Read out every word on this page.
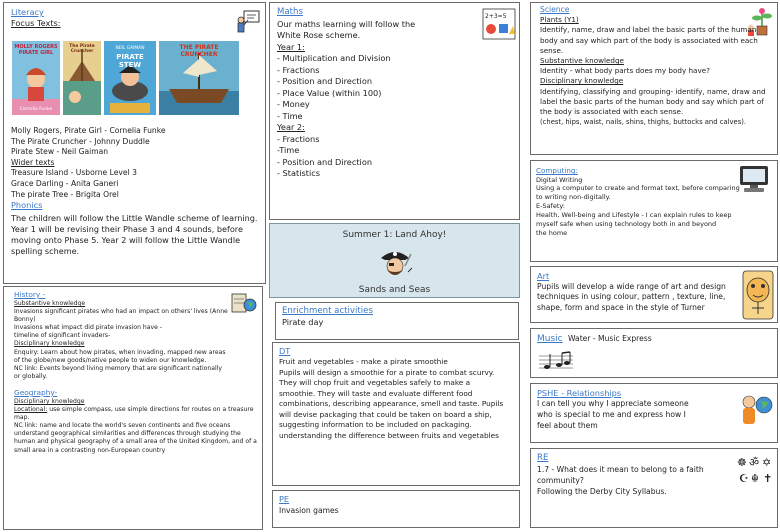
Literacy
Focus Texts:
MOLLY ROGERS PIRATE GIRL
Cornelia Funke
The Pirate Cruncher
NEIL GAIMAN
PIRATE STEW
THE PIRATE CRUNCHER
Molly Rogers, Pirate Girl - Cornelia Funke
The Pirate Cruncher - Johnny Duddle
Pirate Stew - Neil Gaiman
Wider texts
Treasure Island - Usborne Level 3
Grace Darling - Anita Ganeri
The pirate Tree - Brigita Orel
Phonics
The children will follow the Little Wandle scheme of learning. Year 1 will be revising their Phase 3 and 4 sounds, before moving onto Phase 5. Year 2 will follow the Little Wandle spelling scheme.
History -
Substantive knowledge
Invasions significant pirates who had an impact on others' lives (Anne
Bonny)
Invasions what impact did pirate invasion have -
timeline of significant invaders-
Disciplinary knowledge
Enquiry: Learn about how pirates, when invading, mapped new areas
of the globe/new goods/native people to widen our knowledge.
NC link: Events beyond living memory that are significant nationally
or globally.
Geography-
Disciplinary knowledge
Locational: use simple compass, use simple directions for routes on a treasure map.
NC link: name and locate the world's seven continents and five oceans understand geographical similarities and differences through studying the human and physical geography of a small area of the United Kingdom, and of a small area in a contrasting non-European country
2+3=5
Maths
Our maths learning will follow the
White Rose scheme.
Year 1:
- Multiplication and Division
- Fractions
- Position and Direction
- Place Value (within 100)
- Money
- Time
Year 2:
- Fractions
-Time
- Position and Direction
- Statistics
Summer 1: Land Ahoy!
Sands and Seas
Enrichment activities
Pirate day
DT
Fruit and vegetables - make a pirate smoothie
Pupils will design a smoothie for a pirate to combat scurvy.
They will chop fruit and vegetables safely to make a
smoothie. They will taste and evaluate different food
combinations, describing appearance, smell and taste. Pupils
will devise packaging that could be taken on board a ship,
suggesting information to be included on packaging.
understanding the difference between fruits and vegetables
PE
Invasion games
Science
Plants (Y1)
Identify, name, draw and label the basic parts of the human
body and say which part of the body is associated with each
sense.
Substantive knowledge
Identity - what body parts does my body have?
Disciplinary knowledge
Identifying, classifying and grouping- identify, name, draw and
label the basic parts of the human body and say which part of
the body is associated with each sense.
(chest, hips, waist, nails, shins, thighs, buttocks and calves).
Computing:
Digital Writing
Using a computer to create and format text, before comparing
to writing non-digitally.
E-Safety:
Health, Well-being and Lifestyle - I can explain rules to keep
myself safe when using technology both in and beyond
the home
Art
Pupils will develop a wide range of art and design
techniques in using colour, pattern , texture, line,
shape, form and space in the style of Turner
Music Water - Music Express
PSHE - Relationships
I can tell you why I appreciate someone
who is special to me and express how I
feel about them
☸ ॐ ✡
☪ ☬ ✝
RE
1.7 - What does it mean to belong to a faith
community?
Following the Derby City Syllabus.
